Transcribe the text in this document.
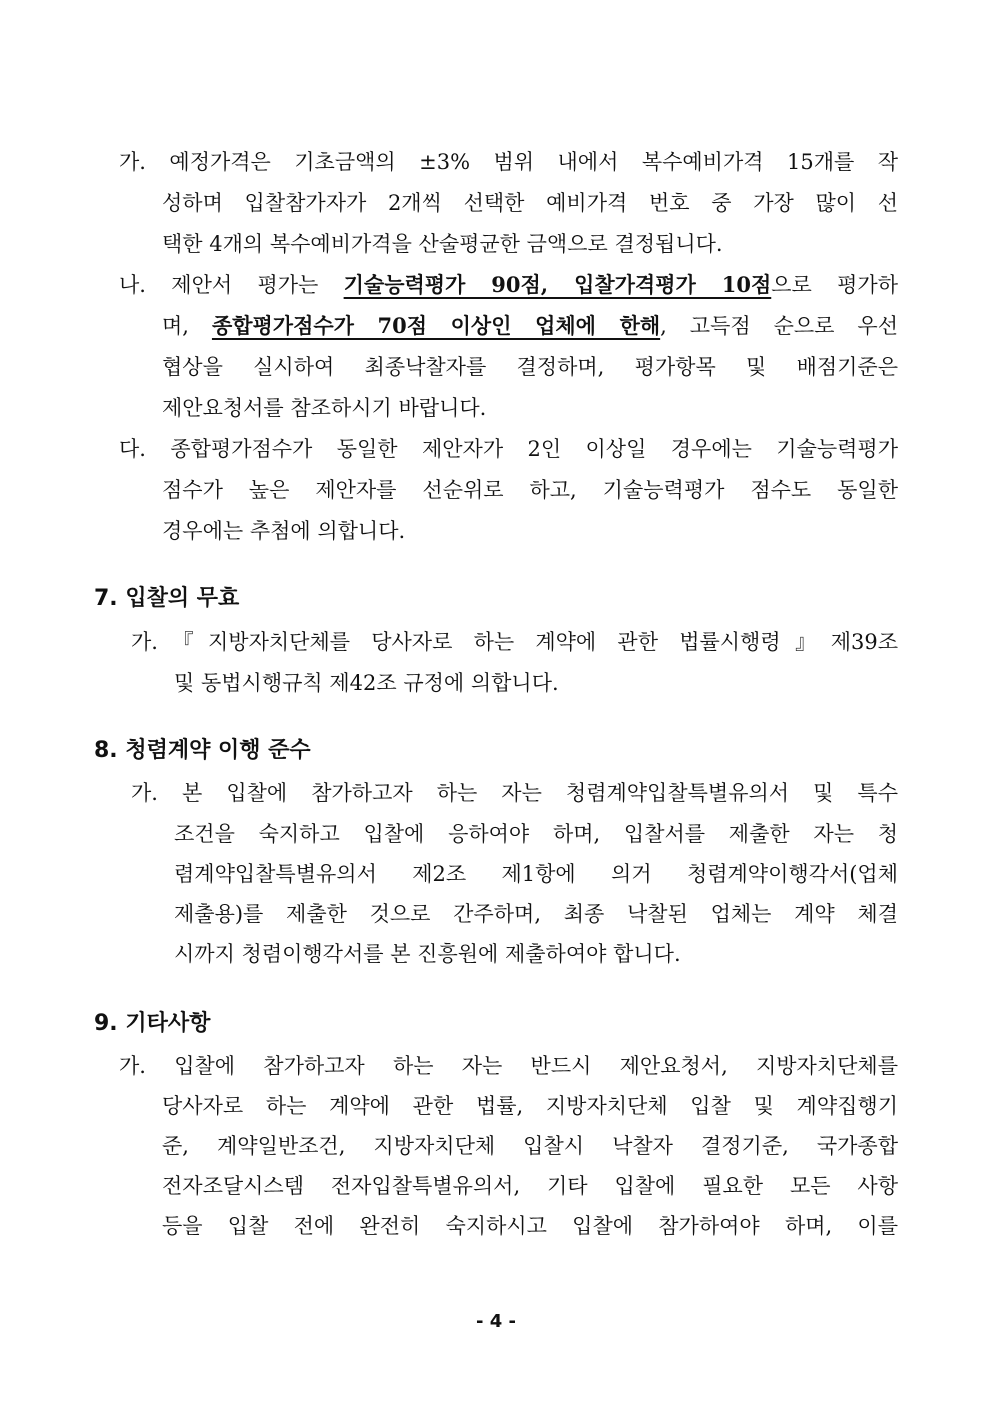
가. 예정가격은 기초금액의 ±3% 범위 내에서 복수예비가격 15개를 작
성하며 입찰참가자가 2개씩 선택한 예비가격 번호 중 가장 많이 선
택한 4개의 복수예비가격을 산술평균한 금액으로 결정됩니다.
나. 제안서 평가는 기술능력평가 90점, 입찰가격평가 10점으로 평가하
며, 종합평가점수가 70점 이상인 업체에 한해, 고득점 순으로 우선
협상을 실시하여 최종낙찰자를 결정하며, 평가항목 및 배점기준은
제안요청서를 참조하시기 바랍니다.
다. 종합평가점수가 동일한 제안자가 2인 이상일 경우에는 기술능력평가
점수가 높은 제안자를 선순위로 하고, 기술능력평가 점수도 동일한
경우에는 추첨에 의합니다.
7. 입찰의 무효
가.『지방자치단체를 당사자로 하는 계약에 관한 법률시행령』제39조
및 동법시행규칙 제42조 규정에 의합니다.
8. 청렴계약 이행 준수
가. 본 입찰에 참가하고자 하는 자는 청렴계약입찰특별유의서 및 특수
조건을 숙지하고 입찰에 응하여야 하며, 입찰서를 제출한 자는 청
렴계약입찰특별유의서 제2조 제1항에 의거 청렴계약이행각서(업체
제출용)를 제출한 것으로 간주하며, 최종 낙찰된 업체는 계약 체결
시까지 청렴이행각서를 본 진흥원에 제출하여야 합니다.
9. 기타사항
가. 입찰에 참가하고자 하는 자는 반드시 제안요청서, 지방자치단체를
당사자로 하는 계약에 관한 법률, 지방자치단체 입찰 및 계약집행기
준, 계약일반조건, 지방자치단체 입찰시 낙찰자 결정기준, 국가종합
전자조달시스템 전자입찰특별유의서, 기타 입찰에 필요한 모든 사항
등을 입찰 전에 완전히 숙지하시고 입찰에 참가하여야 하며, 이를
- 4 -
